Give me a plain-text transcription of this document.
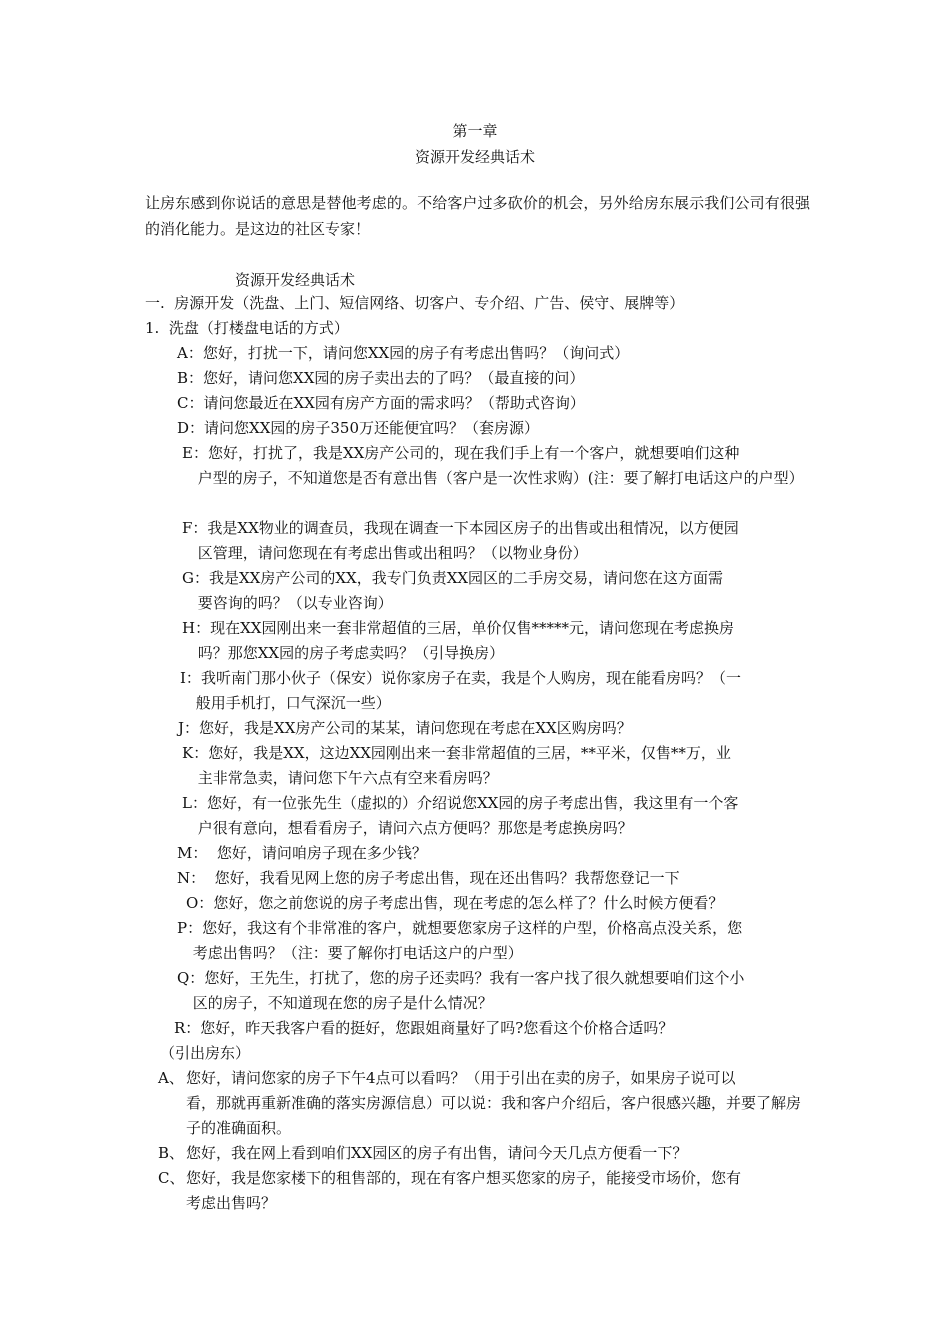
第一章
资源开发经典话术
让房东感到你说话的意思是替他考虑的。不给客户过多砍价的机会，另外给房东展示我们公司有很强的消化能力。是这边的社区专家！
资源开发经典话术
一.  房源开发（洗盘、上门、短信网络、切客户、专介绍、广告、侯守、展牌等）
1.  洗盘（打楼盘电话的方式）
A：您好，打扰一下，请问您XX园的房子有考虑出售吗？（询问式）
B：您好，请问您XX园的房子卖出去的了吗？（最直接的问）
C：请问您最近在XX园有房产方面的需求吗？（帮助式咨询）
D：请问您XX园的房子350万还能便宜吗？（套房源）
E：您好，打扰了，我是XX房产公司的，现在我们手上有一个客户，就想要咱们这种
户型的房子，不知道您是否有意出售（客户是一次性求购）(注：要了解打电话这户的户型）
F：我是XX物业的调查员，我现在调查一下本园区房子的出售或出租情况，以方便园
区管理，请问您现在有考虑出售或出租吗？（以物业身份）
G：我是XX房产公司的XX，我专门负责XX园区的二手房交易，请问您在这方面需
要咨询的吗？（以专业咨询）
H：现在XX园刚出来一套非常超值的三居，单价仅售*****元，请问您现在考虑换房
吗？那您XX园的房子考虑卖吗？（引导换房）
I：我听南门那小伙子（保安）说你家房子在卖，我是个人购房，现在能看房吗？（一
般用手机打，口气深沉一些）
J：您好，我是XX房产公司的某某，请问您现在考虑在XX区购房吗？
K：您好，我是XX，这边XX园刚出来一套非常超值的三居，**平米，仅售**万，业
主非常急卖，请问您下午六点有空来看房吗？
L：您好，有一位张先生（虚拟的）介绍说您XX园的房子考虑出售，我这里有一个客
户很有意向，想看看房子，请问六点方便吗？那您是考虑换房吗？
M：  您好，请问咱房子现在多少钱？
N：  您好，我看见网上您的房子考虑出售，现在还出售吗？我帮您登记一下
O：您好，您之前您说的房子考虑出售，现在考虑的怎么样了？什么时候方便看？
P：您好，我这有个非常准的客户，就想要您家房子这样的户型，价格高点没关系，您
考虑出售吗？（注：要了解你打电话这户的户型）
Q：您好，王先生，打扰了，您的房子还卖吗？我有一客户找了很久就想要咱们这个小
区的房子，不知道现在您的房子是什么情况？
R：您好，昨天我客户看的挺好，您跟姐商量好了吗?您看这个价格合适吗？
（引出房东）
A、 您好，请问您家的房子下午4点可以看吗？（用于引出在卖的房子，如果房子说可以
看，那就再重新准确的落实房源信息）可以说：我和客户介绍后，客户很感兴趣，并要了解房子的准确面积。
B、 您好，我在网上看到咱们XX园区的房子有出售，请问今天几点方便看一下？
C、 您好，我是您家楼下的租售部的，现在有客户想买您家的房子，能接受市场价，您有
考虑出售吗？
